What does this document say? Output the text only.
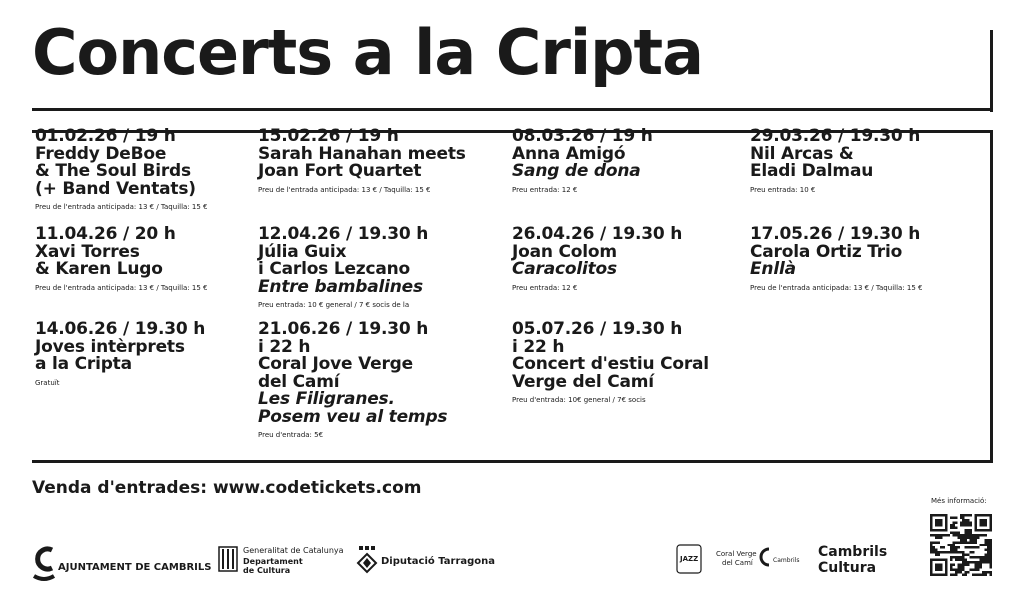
Concerts a la Cripta
01.02.26 / 19 h
Freddy DeBoe
& The Soul Birds
(+ Band Ventats)
Preu de l'entrada anticipada: 13 € / Taquilla: 15 €
15.02.26 / 19 h
Sarah Hanahan meets
Joan Fort Quartet
Preu de l'entrada anticipada: 13 € / Taquilla: 15 €
08.03.26 / 19 h
Anna Amigó
Sang de dona
Preu entrada: 12 €
29.03.26 / 19.30 h
Nil Arcas &
Eladi Dalmau
Preu entrada: 10 €
11.04.26 / 20 h
Xavi Torres
& Karen Lugo
Preu de l'entrada anticipada: 13 € / Taquilla: 15 €
12.04.26 / 19.30 h
Júlia Guix
i Carlos Lezcano
Entre bambalines
Preu entrada: 10 € general / 7 € socis de la
26.04.26 / 19.30 h
Joan Colom
Caracolitos
Preu entrada: 12 €
17.05.26 / 19.30 h
Carola Ortiz Trio
Enllà
Preu de l'entrada anticipada: 13 € / Taquilla: 15 €
14.06.26 / 19.30 h
Joves intèrprets
a la Cripta
Gratuït
21.06.26 / 19.30 h
i 22 h
Coral Jove Verge
del Camí
Les Filigranes.
Posem veu al temps
Preu d'entrada: 5€
05.07.26 / 19.30 h
i 22 h
Concert d'estiu Coral
Verge del Camí
Preu d'entrada: 10€ general / 7€ socis
Venda d'entrades: www.codetickets.com
AJUNTAMENT DE CAMBRILS
Generalitat de Catalunya
Departament
de Cultura
Diputació Tarragona	JAZZ
Coral Verge
del Camí	Cambrils
Cambrils
Cultura
Més informació:
